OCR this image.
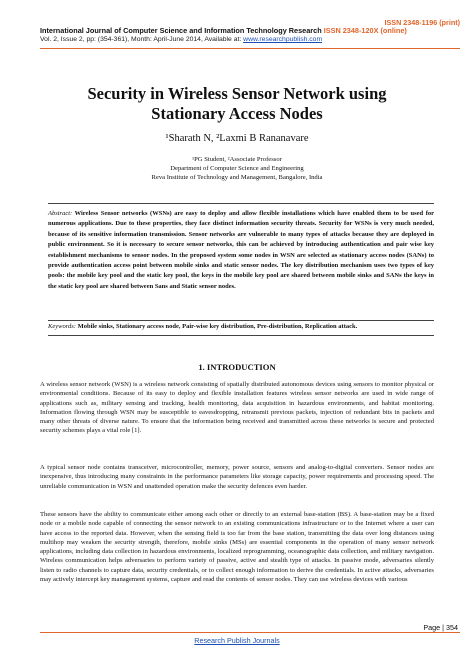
ISSN 2348-1196 (print)
International Journal of Computer Science and Information Technology Research ISSN 2348-120X (online)
Vol. 2, Issue 2, pp: (354-361), Month: April-June 2014, Available at: www.researchpublish.com
Security in Wireless Sensor Network using
Stationary Access Nodes
¹Sharath N, ²Laxmi B Rananavare
¹PG Student, ²Associate Professor
Department of Computer Science and Engineering
Reva Institute of Technology and Management, Bangalore, India
Abstract: Wireless Sensor networks (WSNs) are easy to deploy and allow flexible installations which have enabled them to be used for numerous applications. Due to these properties, they face distinct information security threats. Security for WSNs is very much needed, because of its sensitive information transmission. Sensor networks are vulnerable to many types of attacks because they are deployed in public environment. So it is necessary to secure sensor networks, this can be achieved by introducing authentication and pair wise key establishment mechanisms to sensor nodes. In the proposed system some nodes in WSN are selected as stationary access nodes (SANs) to provide authentication access point between mobile sinks and static sensor nodes. The key distribution mechanism uses two types of key pools: the mobile key pool and the static key pool, the keys in the mobile key pool are shared between mobile sinks and SANs the keys in the static key pool are shared between Sans and Static sensor nodes.
Keywords: Mobile sinks, Stationary access node, Pair-wise key distribution, Pre-distribution, Replication attack.
1. INTRODUCTION
A wireless sensor network (WSN) is a wireless network consisting of spatially distributed autonomous devices using sensors to monitor physical or environmental conditions. Because of its easy to deploy and flexible installation features wireless sensor networks are used in wide range of applications such as, military sensing and tracking, health monitoring, data acquisition in hazardous environments, and habitat monitoring. Information flowing through WSN may be susceptible to eavesdropping, retransmit previous packets, injection of redundant bits in packets and many other threats of diverse nature. To ensure that the information being received and transmitted across these networks is secure and protected security schemes plays a vital role [1].
A typical sensor node contains transceiver, microcontroller, memory, power source, sensors and analog-to-digital converters. Sensor nodes are inexpensive, thus introducing many constraints in the performance parameters like storage capacity, power requirements and processing speed. The unreliable communication in WSN and unattended operation make the security defences even harder.
These sensors have the ability to communicate either among each other or directly to an external base-station (BS). A base-station may be a fixed node or a mobile node capable of connecting the sensor network to an existing communications infrastructure or to the Internet where a user can have access to the reported data. However, when the sensing field is too far from the base station, transmitting the data over long distances using multihop may weaken the security strength, therefore, mobile sinks (MSs) are essential components in the operation of many sensor network applications, including data collection in hazardous environments, localized reprogramming, oceanographic data collection, and military navigation. Wireless communication helps adversaries to perform variety of passive, active and stealth type of attacks. In passive mode, adversaries silently listen to radio channels to capture data, security credentials, or to collect enough information to derive the credentials. In active attacks, adversaries may actively intercept key management systems, capture and read the contents of sensor nodes. They can use wireless devices with various
Page | 354
Research Publish Journals
